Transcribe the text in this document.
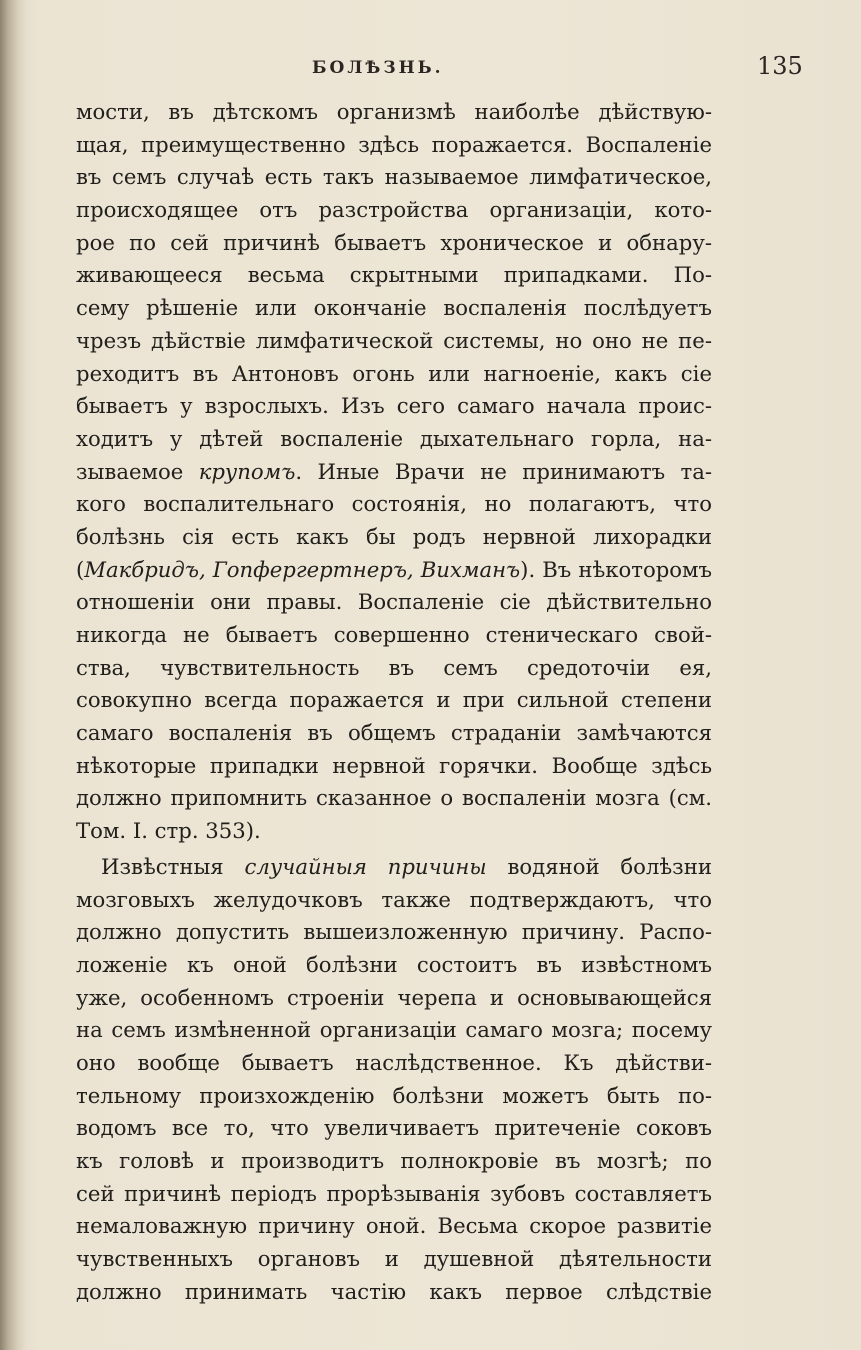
БОЛѢЗНЬ.	135
мости, въ дѣтскомъ организмѣ наиболѣе дѣйствую-
щая, преимущественно здѣсь поражается. Воспаленіе
въ семъ случаѣ есть такъ называемое лимфатическое,
происходящее отъ разстройства организаціи, кото-
рое по сей причинѣ бываетъ хроническое и обнару-
живающееся весьма скрытными припадками. По-
сему рѣшеніе или окончаніе воспаленія послѣдуетъ
чрезъ дѣйствіе лимфатической системы, но оно не пе-
реходитъ въ Антоновъ огонь или нагноеніе, какъ сіе
бываетъ у взрослыхъ. Изъ сего самаго начала проис-
ходитъ у дѣтей воспаленіе дыхательнаго горла, на-
зываемое крупомъ. Иные Врачи не принимаютъ та-
кого воспалительнаго состоянія, но полагаютъ, что
болѣзнь сія есть какъ бы родъ нервной лихорадки
(Макбридъ, Гопфергертнеръ, Вихманъ). Въ нѣкоторомъ
отношеніи они правы. Воспаленіе сіе дѣйствительно
никогда не бываетъ совершенно стеническаго свой-
ства, чувствительность въ семъ средоточіи ея,
совокупно всегда поражается и при сильной степени
самаго воспаленія въ общемъ страданіи замѣчаются
нѣкоторые припадки нервной горячки. Вообще здѣсь
должно припомнить сказанное о воспаленіи мозга (см.
Том. I. стр. 353).
Извѣстныя случайныя причины водяной болѣзни
мозговыхъ желудочковъ также подтверждаютъ, что
должно допустить вышеизложенную причину. Распо-
ложеніе къ оной болѣзни состоитъ въ извѣстномъ
уже, особенномъ строеніи черепа и основывающейся
на семъ измѣненной организаціи самаго мозга; посему
оно вообще бываетъ наслѣдственное. Къ дѣйстви-
тельному произхожденію болѣзни можетъ быть по-
водомъ все то, что увеличиваетъ притеченіе соковъ
къ головѣ и производитъ полнокровіе въ мозгѣ; по
сей причинѣ періодъ прорѣзыванія зубовъ составляетъ
немаловажную причину оной. Весьма скорое развитіе
чувственныхъ органовъ и душевной дѣятельности
должно принимать частію какъ первое слѣдствіе
